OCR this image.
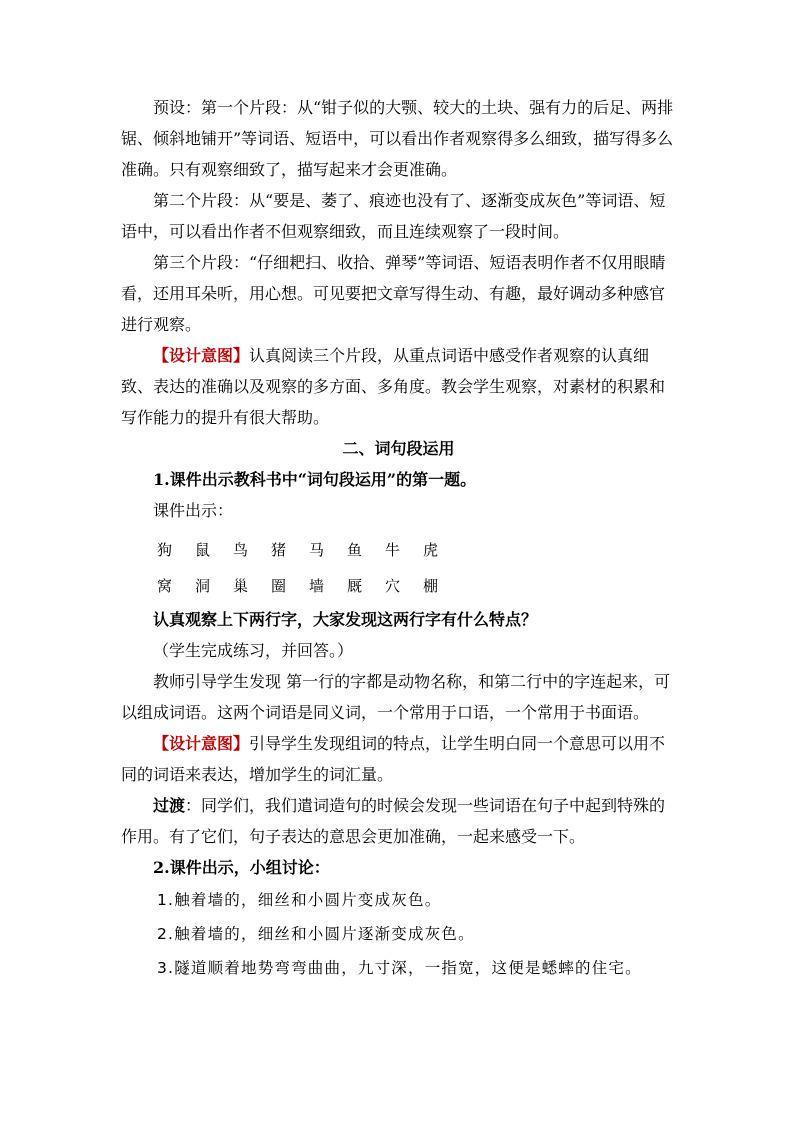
预设：第一个片段：从“钳子似的大颚、较大的土块、强有力的后足、两排锯、倾斜地铺开”等词语、短语中，可以看出作者观察得多么细致，描写得多么准确。只有观察细致了，描写起来才会更准确。

第二个片段：从“要是、萎了、痕迹也没有了、逐渐变成灰色”等词语、短语中，可以看出作者不但观察细致，而且连续观察了一段时间。

第三个片段：“仔细耙扫、收拾、弹琴”等词语、短语表明作者不仅用眼睛看，还用耳朵听，用心想。可见要把文章写得生动、有趣，最好调动多种感官进行观察。

【设计意图】认真阅读三个片段，从重点词语中感受作者观察的认真细致、表达的准确以及观察的多方面、多角度。教会学生观察，对素材的积累和写作能力的提升有很大帮助。

二、词句段运用

1.课件出示教科书中“词句段运用”的第一题。

课件出示：

狗 鼠 鸟 猪 马 鱼 牛 虎
窝 洞 巢 圈 墙 厩 穴 棚

认真观察上下两行字，大家发现这两行字有什么特点？

（学生完成练习，并回答。）

教师引导学生发现 第一行的字都是动物名称，和第二行中的字连起来，可以组成词语。这两个词语是同义词，一个常用于口语，一个常用于书面语。

【设计意图】引导学生发现组词的特点，让学生明白同一个意思可以用不同的词语来表达，增加学生的词汇量。

过渡：同学们，我们遣词造句的时候会发现一些词语在句子中起到特殊的作用。有了它们，句子表达的意思会更加准确，一起来感受一下。

2.课件出示，小组讨论：

1.触着墙的，细丝和小圆片变成灰色。
2.触着墙的，细丝和小圆片逐渐变成灰色。
3.隧道顺着地势弯弯曲曲，九寸深，一指宽，这便是蟋蟀的住宅。
